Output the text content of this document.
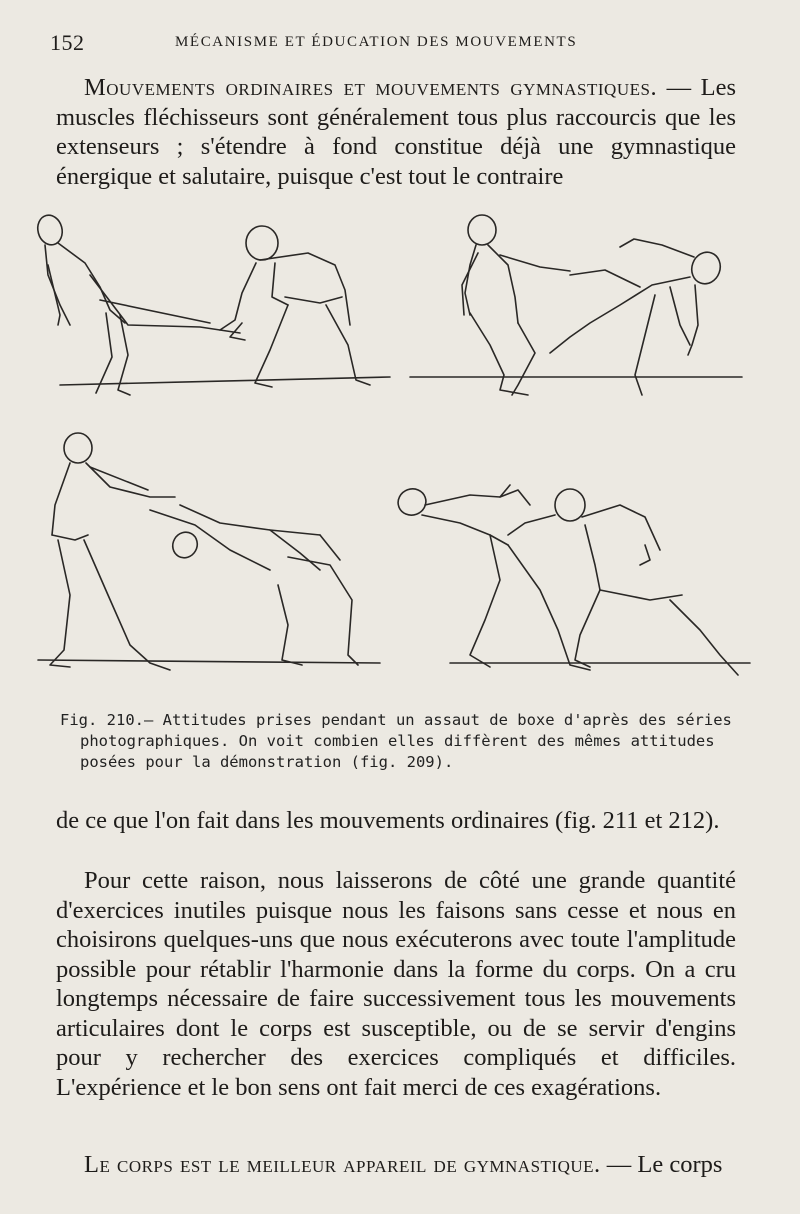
152	MÉCANISME ET ÉDUCATION DES MOUVEMENTS
Mouvements ordinaires et mouvements gymnastiques. — Les muscles fléchisseurs sont généralement tous plus raccourcis que les extenseurs ; s'étendre à fond constitue déjà une gymnastique énergique et salutaire, puisque c'est tout le contraire
Fig. 210.— Attitudes prises pendant un assaut de boxe d'après des séries
photographiques. On voit combien elles diffèrent des mêmes attitudes
posées pour la démonstration (fig. 209).
de ce que l'on fait dans les mouvements ordinaires (fig. 211 et 212).
Pour cette raison, nous laisserons de côté une grande quantité d'exercices inutiles puisque nous les faisons sans cesse et nous en choisirons quelques-uns que nous exécuterons avec toute l'amplitude possible pour rétablir l'harmonie dans la forme du corps. On a cru longtemps nécessaire de faire successivement tous les mouvements articulaires dont le corps est susceptible, ou de se servir d'engins pour y rechercher des exercices compliqués et difficiles. L'expérience et le bon sens ont fait merci de ces exagérations.
Le corps est le meilleur appareil de gymnastique. — Le corps
